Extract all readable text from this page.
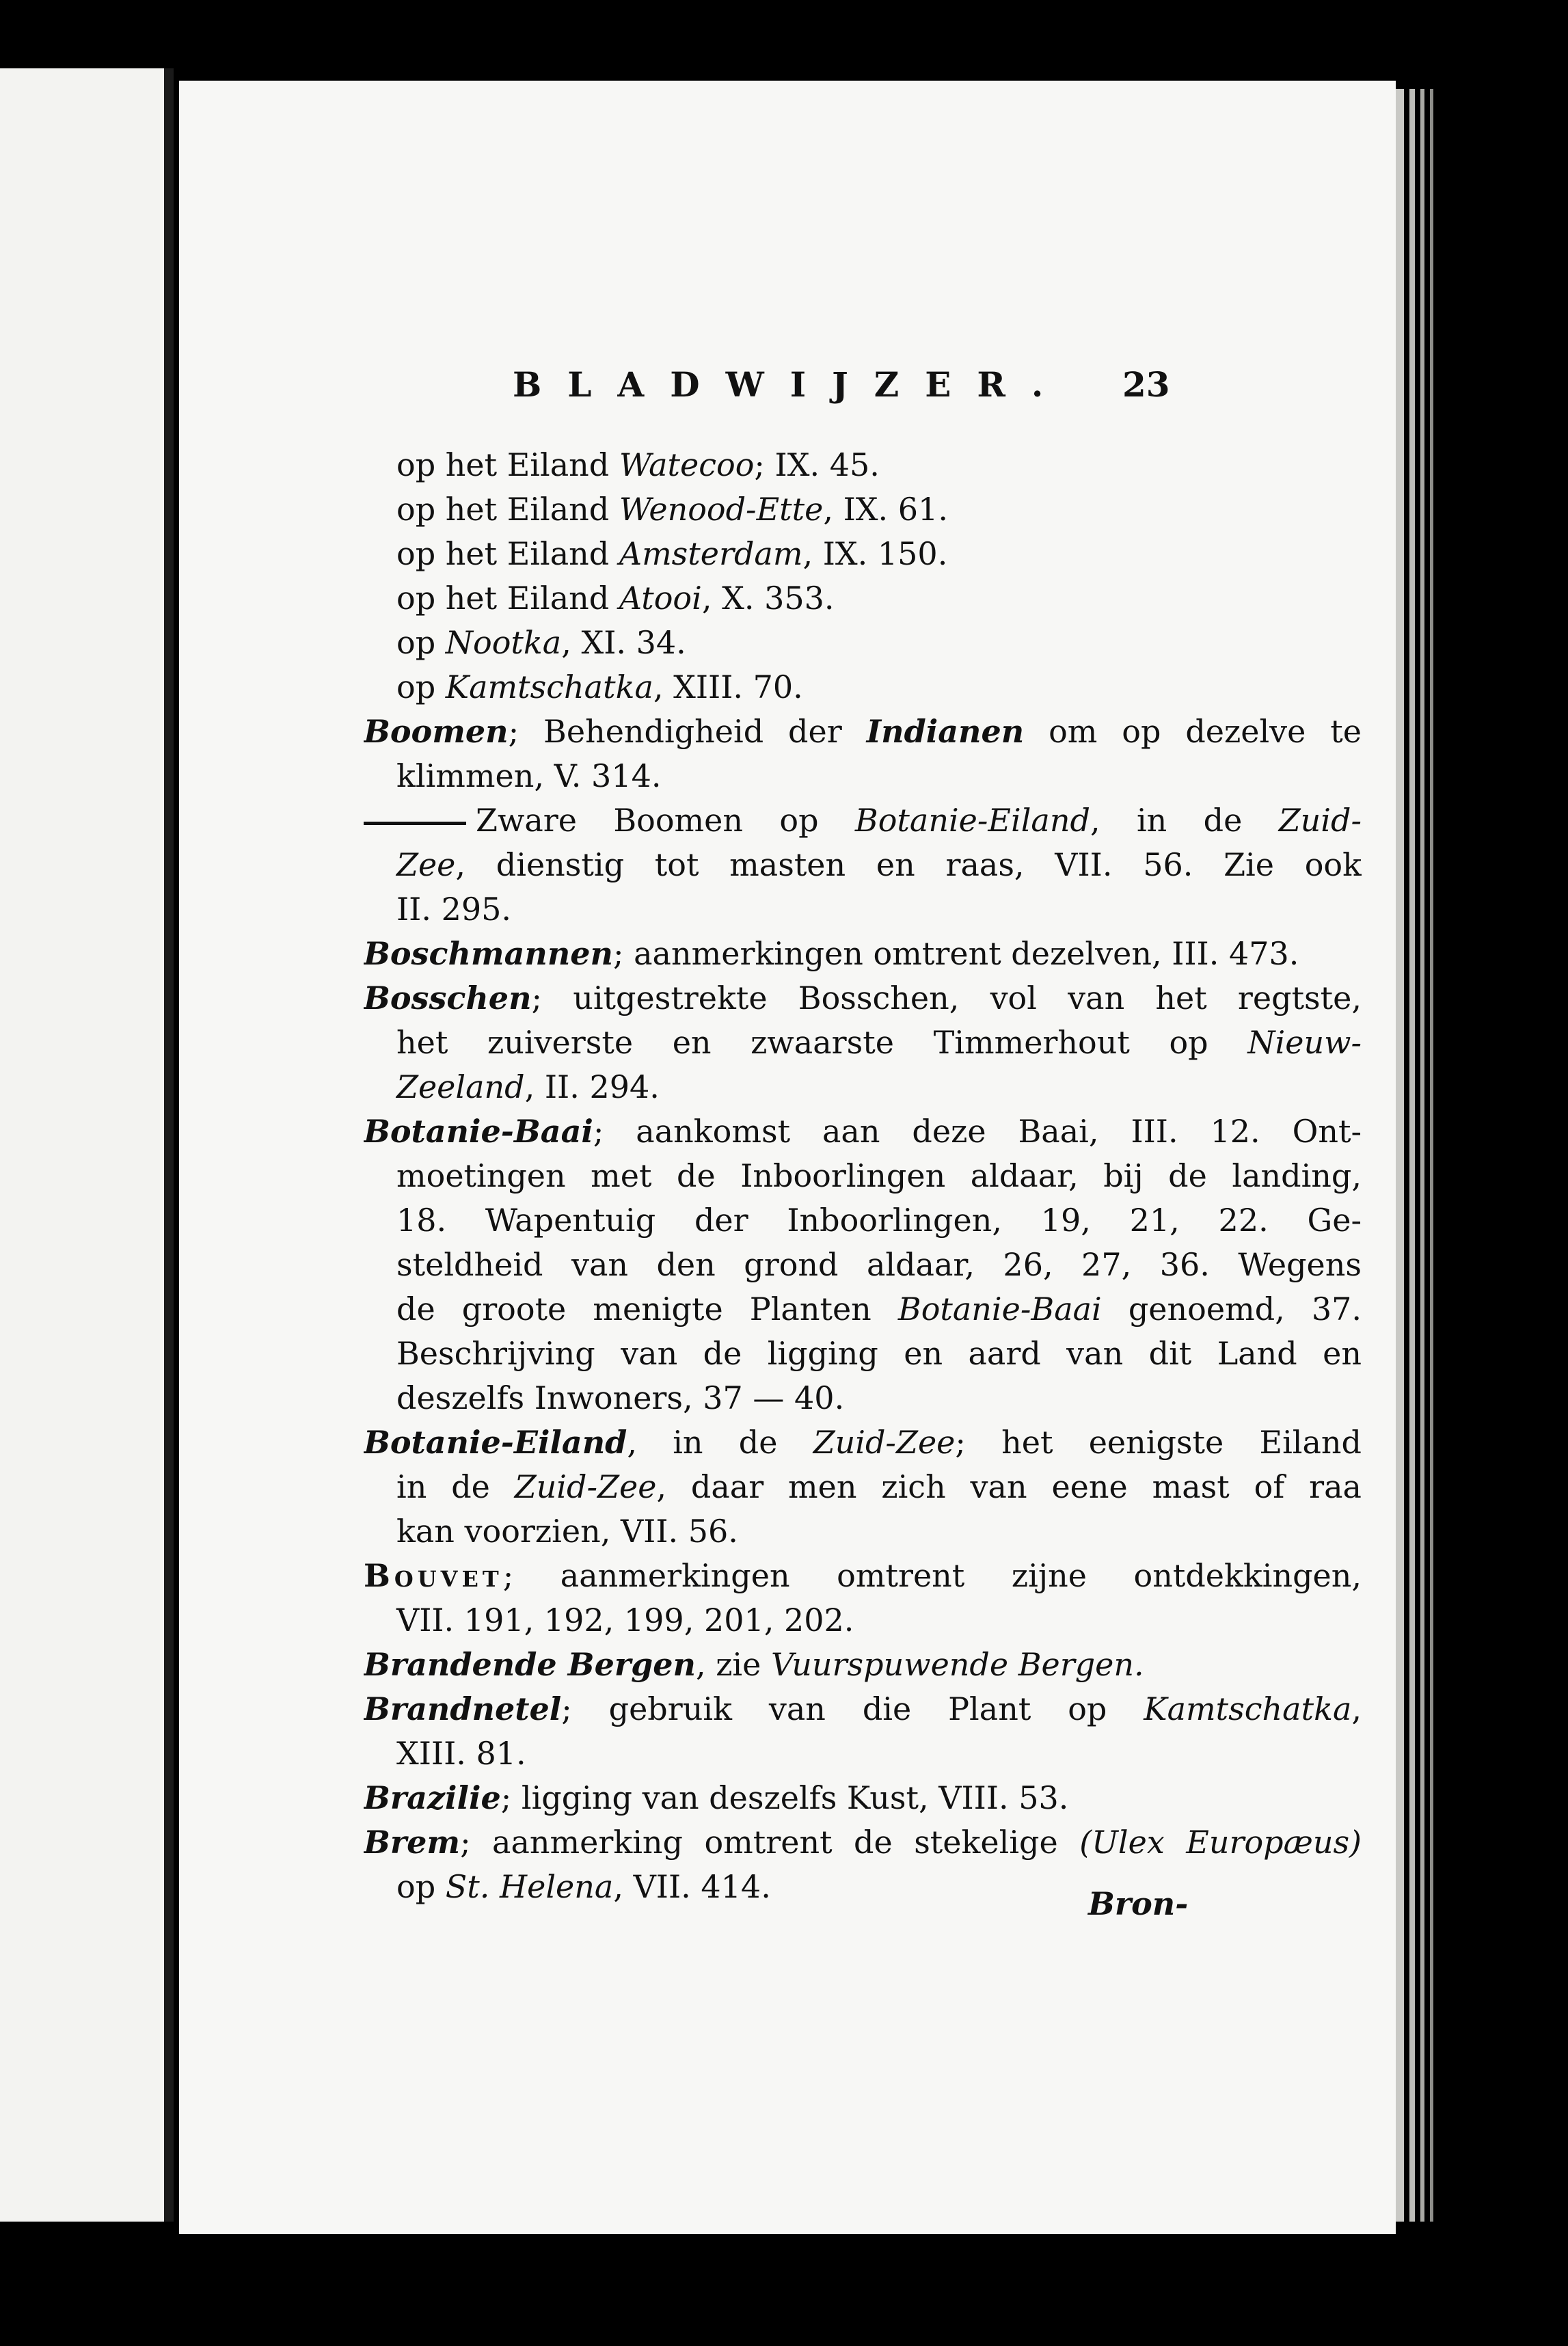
BLADWIJZER. 23
op het Eiland Watecoo; IX. 45.
op het Eiland Wenood-Ette, IX. 61.
op het Eiland Amsterdam, IX. 150.
op het Eiland Atooi, X. 353.
op Nootka, XI. 34.
op Kamtschatka, XIII. 70.
Boomen; Behendigheid der Indianen om op dezelve te
klimmen, V. 314.
Zware Boomen op Botanie-Eiland, in de Zuid-
Zee, dienstig tot masten en raas, VII. 56. Zie ook
II. 295.
Boschmannen; aanmerkingen omtrent dezelven, III. 473.
Bosschen; uitgestrekte Bosschen, vol van het regtste,
het zuiverste en zwaarste Timmerhout op Nieuw-
Zeeland, II. 294.
Botanie-Baai; aankomst aan deze Baai, III. 12. Ont-
moetingen met de Inboorlingen aldaar, bij de landing,
18. Wapentuig der Inboorlingen, 19, 21, 22. Ge-
steldheid van den grond aldaar, 26, 27, 36. Wegens
de groote menigte Planten Botanie-Baai genoemd, 37.
Beschrijving van de ligging en aard van dit Land en
deszelfs Inwoners, 37 — 40.
Botanie-Eiland, in de Zuid-Zee; het eenigste Eiland
in de Zuid-Zee, daar men zich van eene mast of raa
kan voorzien, VII. 56.
Bouvet; aanmerkingen omtrent zijne ontdekkingen,
VII. 191, 192, 199, 201, 202.
Brandende Bergen, zie Vuurspuwende Bergen.
Brandnetel; gebruik van die Plant op Kamtschatka,
XIII. 81.
Brazilie; ligging van deszelfs Kust, VIII. 53.
Brem; aanmerking omtrent de stekelige (Ulex Europæus)
op St. Helena, VII. 414.	Bron-
